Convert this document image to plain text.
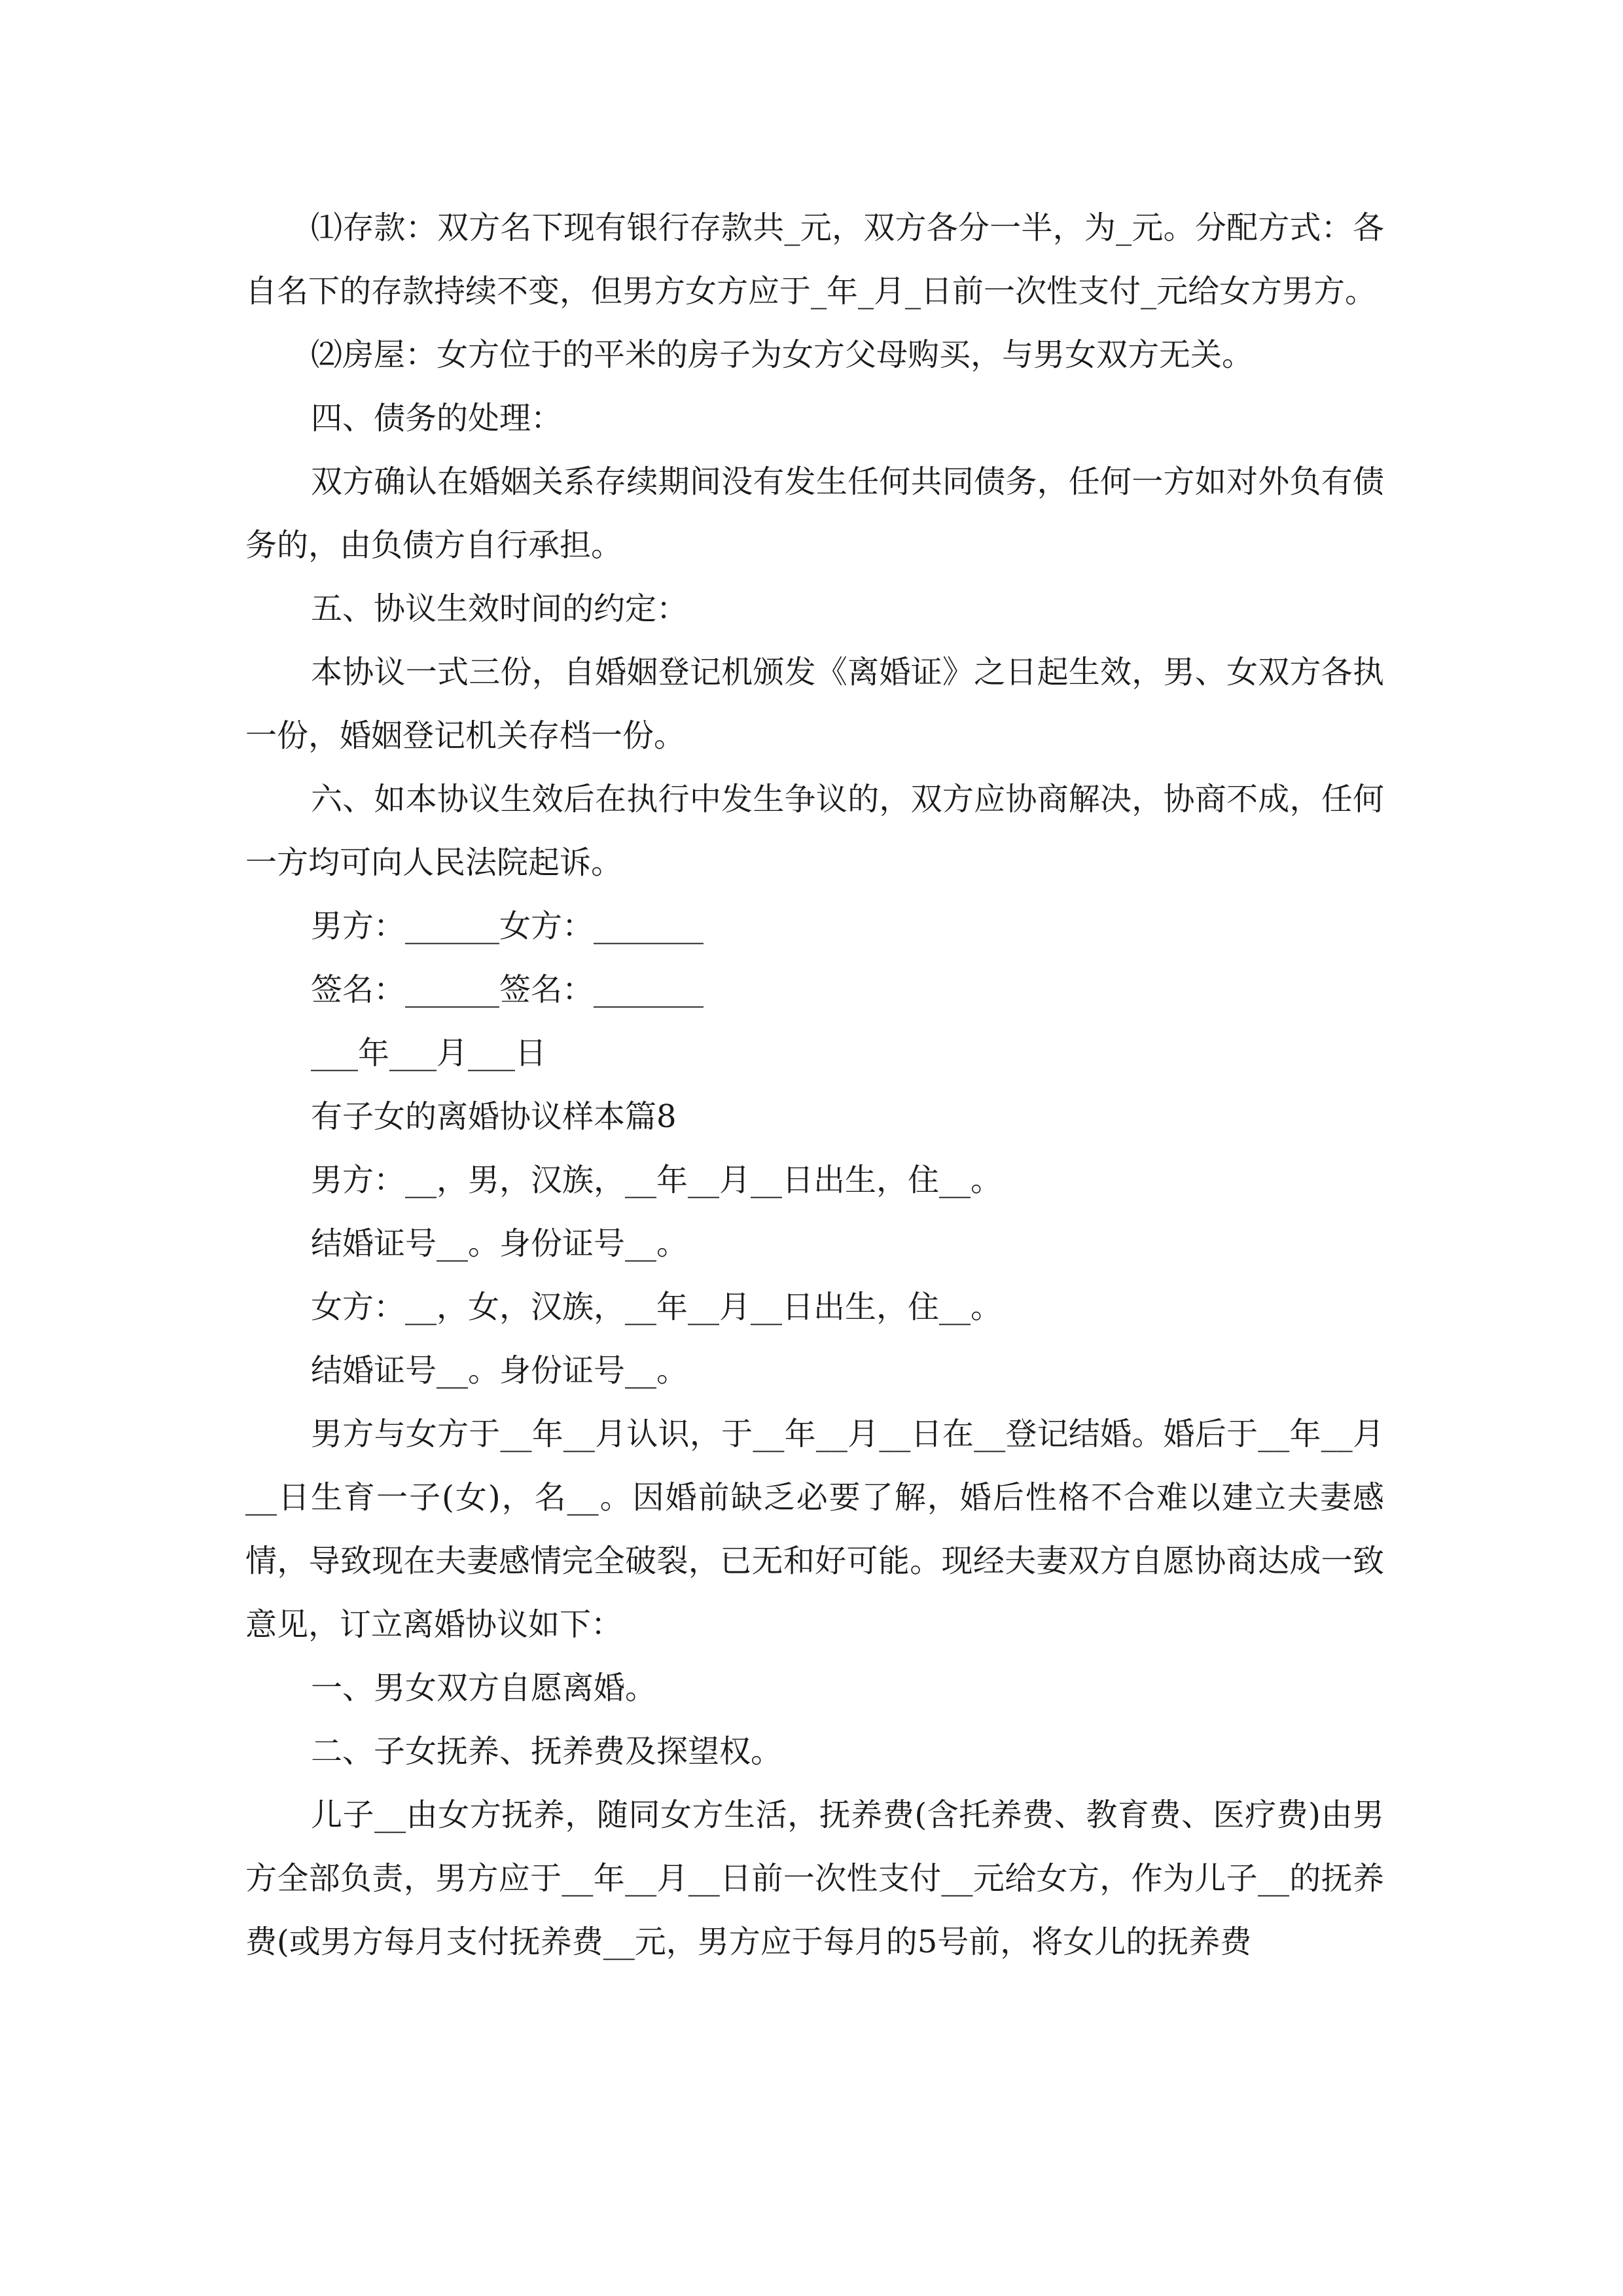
⑴存款：双方名下现有银行存款共_元，双方各分一半，为_元。分配方式：各自名下的存款持续不变，但男方女方应于_年_月_日前一次性支付_元给女方男方。

⑵房屋：女方位于的平米的房子为女方父母购买，与男女双方无关。

四、债务的处理：

双方确认在婚姻关系存续期间没有发生任何共同债务，任何一方如对外负有债务的，由负债方自行承担。

五、协议生效时间的约定：

本协议一式三份，自婚姻登记机颁发《离婚证》之日起生效，男、女双方各执一份，婚姻登记机关存档一份。

六、如本协议生效后在执行中发生争议的，双方应协商解决，协商不成，任何一方均可向人民法院起诉。

男方：______女方：_______

签名：______签名：_______

___年___月___日

有子女的离婚协议样本篇8

男方：__，男，汉族，__年__月__日出生，住__。

结婚证号__。身份证号__。

女方：__，女，汉族，__年__月__日出生，住__。

结婚证号__。身份证号__。

男方与女方于__年__月认识，于__年__月__日在__登记结婚。婚后于__年__月__日生育一子(女)，名__。因婚前缺乏必要了解，婚后性格不合难以建立夫妻感情，导致现在夫妻感情完全破裂，已无和好可能。现经夫妻双方自愿协商达成一致意见，订立离婚协议如下：

一、男女双方自愿离婚。

二、子女抚养、抚养费及探望权。

儿子__由女方抚养，随同女方生活，抚养费(含托养费、教育费、医疗费)由男方全部负责，男方应于__年__月__日前一次性支付__元给女方，作为儿子__的抚养费(或男方每月支付抚养费__元，男方应于每月的5号前，将女儿的抚养费
